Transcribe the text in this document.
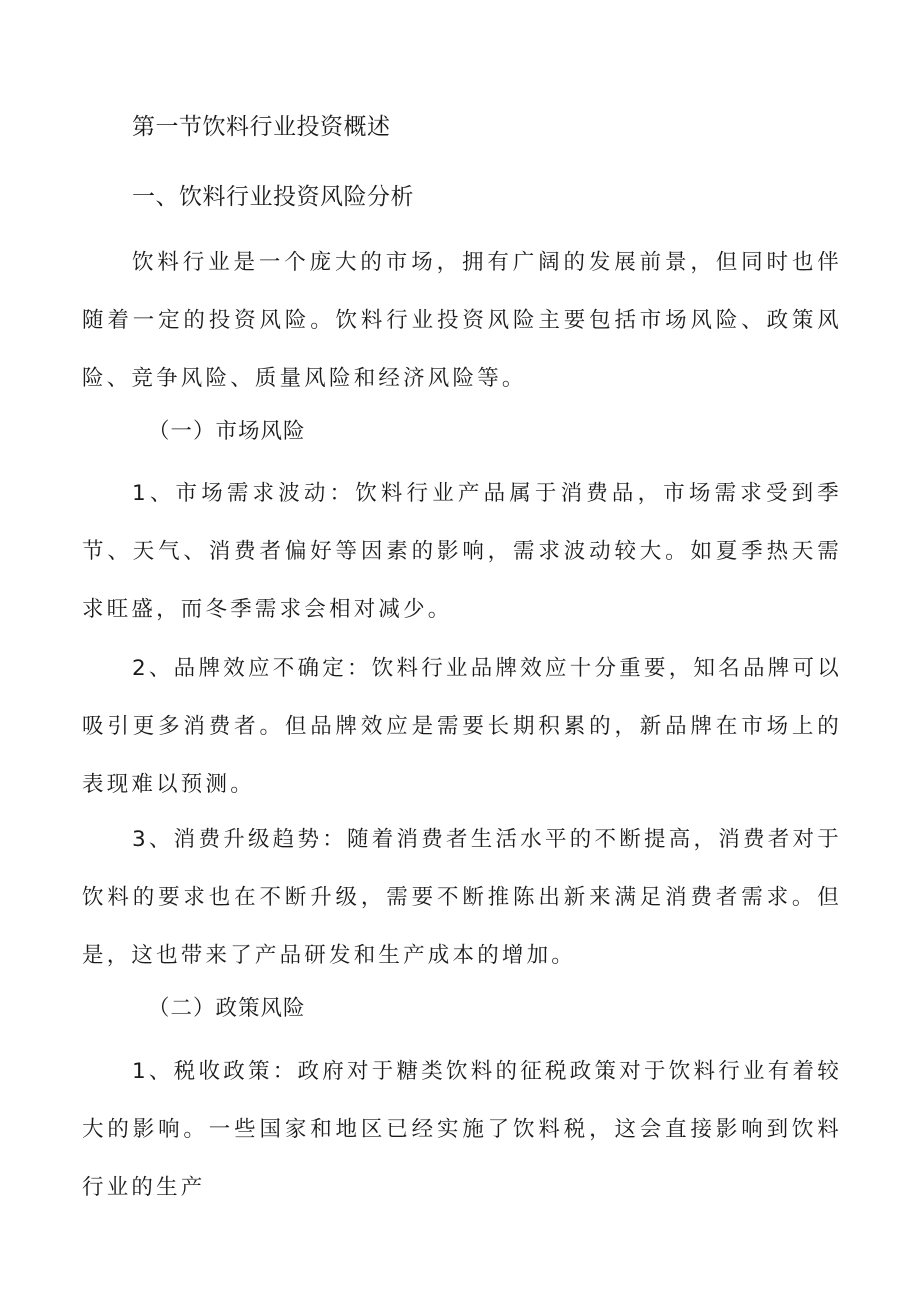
第一节饮料行业投资概述
一、饮料行业投资风险分析
饮料行业是一个庞大的市场，拥有广阔的发展前景，但同时也伴随着一定的投资风险。饮料行业投资风险主要包括市场风险、政策风险、竞争风险、质量风险和经济风险等。
（一）市场风险
1、市场需求波动：饮料行业产品属于消费品，市场需求受到季节、天气、消费者偏好等因素的影响，需求波动较大。如夏季热天需求旺盛，而冬季需求会相对减少。
2、品牌效应不确定：饮料行业品牌效应十分重要，知名品牌可以吸引更多消费者。但品牌效应是需要长期积累的，新品牌在市场上的表现难以预测。
3、消费升级趋势：随着消费者生活水平的不断提高，消费者对于饮料的要求也在不断升级，需要不断推陈出新来满足消费者需求。但是，这也带来了产品研发和生产成本的增加。
（二）政策风险
1、税收政策：政府对于糖类饮料的征税政策对于饮料行业有着较大的影响。一些国家和地区已经实施了饮料税，这会直接影响到饮料行业的生产
